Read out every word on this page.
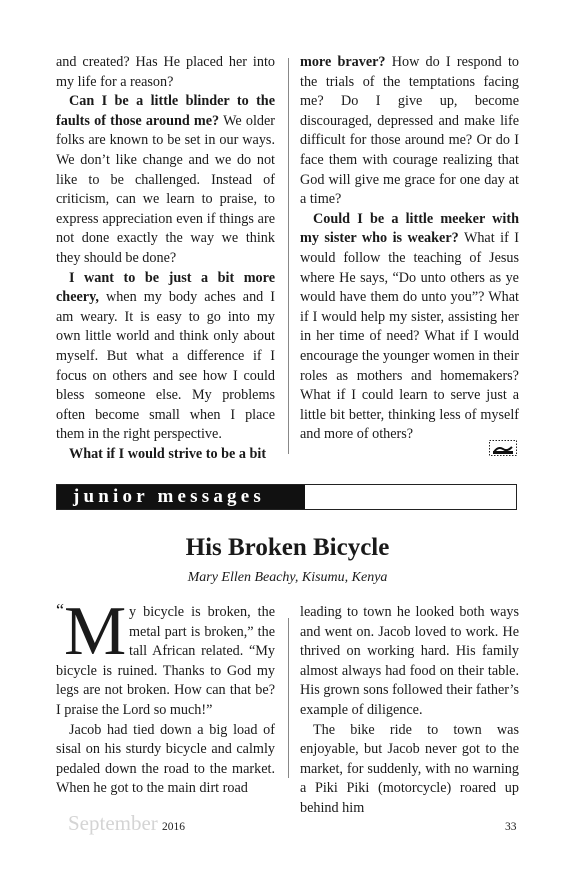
and created? Has He placed her into my life for a reason?

Can I be a little blinder to the faults of those around me? We older folks are known to be set in our ways. We don’t like change and we do not like to be challenged. Instead of criticism, can we learn to praise, to express appreciation even if things are not done exactly the way we think they should be done?

I want to be just a bit more cheery, when my body aches and I am weary. It is easy to go into my own little world and think only about myself. But what a difference if I focus on others and see how I could bless someone else. My problems often become small when I place them in the right perspective.

What if I would strive to be a bit

more braver? How do I respond to the trials of the temptations facing me? Do I give up, become discouraged, depressed and make life difficult for those around me? Or do I face them with courage realizing that God will give me grace for one day at a time?

Could I be a little meeker with my sister who is weaker? What if I would follow the teaching of Jesus where He says, “Do unto others as ye would have them do unto you”? What if I would help my sister, assisting her in her time of need? What if I would encourage the younger women in their roles as mothers and homemakers? What if I could learn to serve just a little bit better, thinking less of myself and more of others?

junior messages
His Broken Bicycle
Mary Ellen Beachy, Kisumu, Kenya

“ M y bicycle is broken, the metal part is broken,” the tall African related. “My bicycle is ruined. Thanks to God my legs are not broken. How can that be? I praise the Lord so much!”

Jacob had tied down a big load of sisal on his sturdy bicycle and calmly pedaled down the road to the market. When he got to the main dirt road

leading to town he looked both ways and went on. Jacob loved to work. He thrived on working hard. His family almost always had food on their table. His grown sons followed their father’s example of diligence.

The bike ride to town was enjoyable, but Jacob never got to the market, for suddenly, with no warning a Piki Piki (motorcycle) roared up behind him

September 2016	33
